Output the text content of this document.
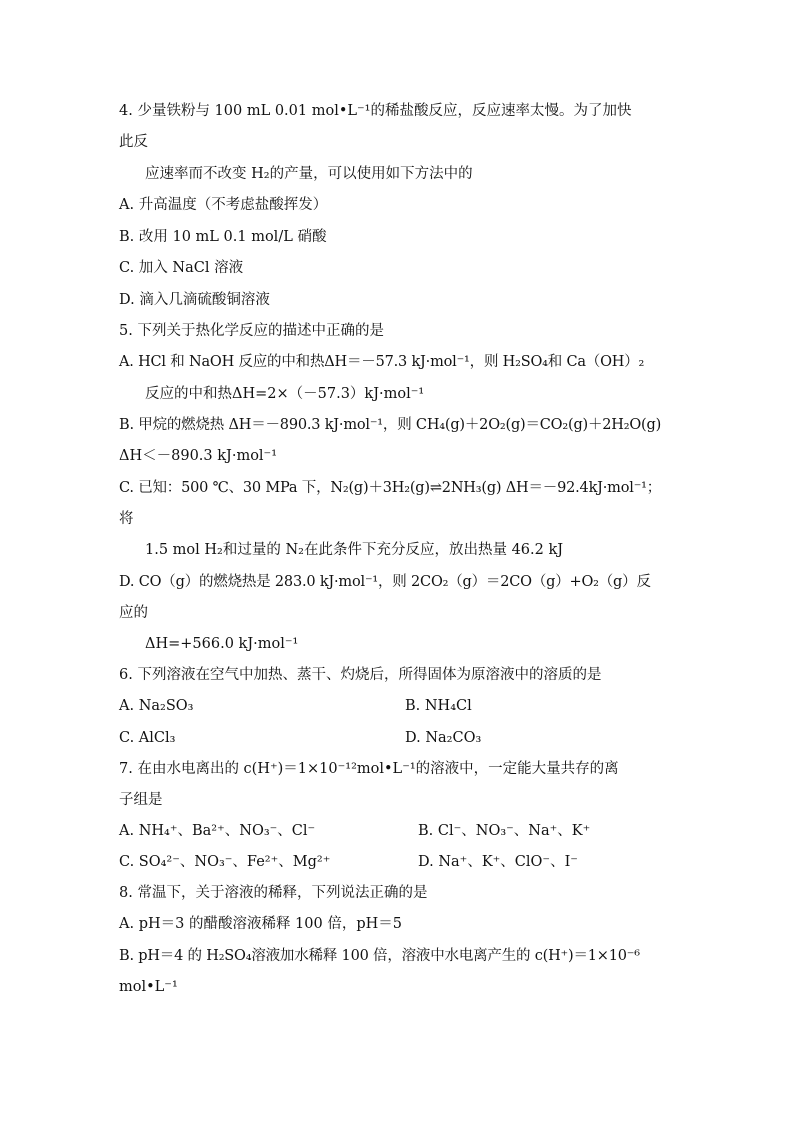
4. 少量铁粉与 100 mL 0.01 mol•L⁻¹的稀盐酸反应，反应速率太慢。为了加快
此反
应速率而不改变 H₂的产量，可以使用如下方法中的
A. 升高温度（不考虑盐酸挥发）
B. 改用 10 mL 0.1 mol/L 硝酸
C. 加入 NaCl 溶液
D. 滴入几滴硫酸铜溶液
5. 下列关于热化学反应的描述中正确的是
A. HCl 和 NaOH 反应的中和热ΔH＝－57.3 kJ·mol⁻¹，则 H₂SO₄和 Ca（OH）₂
反应的中和热ΔH=2×（－57.3）kJ·mol⁻¹
B. 甲烷的燃烧热 ΔH＝－890.3 kJ·mol⁻¹，则 CH₄(g)＋2O₂(g)＝CO₂(g)＋2H₂O(g)
ΔH＜－890.3 kJ·mol⁻¹
C. 已知：500 ℃、30 MPa 下，N₂(g)＋3H₂(g)⇌2NH₃(g) ΔH＝－92.4kJ·mol⁻¹；
将
1.5 mol H₂和过量的 N₂在此条件下充分反应，放出热量 46.2 kJ
D. CO（g）的燃烧热是 283.0 kJ·mol⁻¹，则 2CO₂（g）＝2CO（g）+O₂（g）反
应的
ΔH=+566.0 kJ·mol⁻¹
6. 下列溶液在空气中加热、蒸干、灼烧后，所得固体为原溶液中的溶质的是
A. Na₂SO₃	B. NH₄Cl
C. AlCl₃	D. Na₂CO₃
7. 在由水电离出的 c(H⁺)＝1×10⁻¹²mol•L⁻¹的溶液中，一定能大量共存的离
子组是
A. NH₄⁺、Ba²⁺、NO₃⁻、Cl⁻	B. Cl⁻、NO₃⁻、Na⁺、K⁺
C. SO₄²⁻、NO₃⁻、Fe²⁺、Mg²⁺	D. Na⁺、K⁺、ClO⁻、I⁻
8. 常温下，关于溶液的稀释，下列说法正确的是
A. pH＝3 的醋酸溶液稀释 100 倍，pH＝5
B. pH＝4 的 H₂SO₄溶液加水稀释 100 倍，溶液中水电离产生的 c(H⁺)＝1×10⁻⁶
mol•L⁻¹
